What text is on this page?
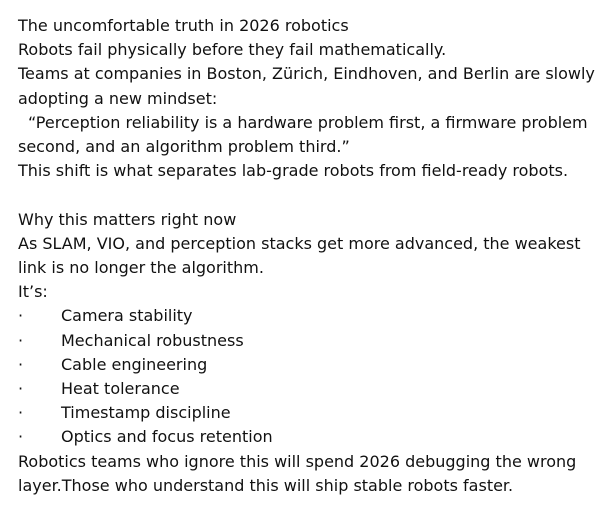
The uncomfortable truth in 2026 robotics

Robots fail physically before they fail mathematically.

Teams at companies in Boston, Zürich, Eindhoven, and Berlin are slowly adopting a new mindset:

“Perception reliability is a hardware problem first, a firmware problem second, and an algorithm problem third.”

This shift is what separates lab-grade robots from field-ready robots.

Why this matters right now

As SLAM, VIO, and perception stacks get more advanced, the weakest link is no longer the algorithm.

It’s:

·	Camera stability
·	Mechanical robustness
·	Cable engineering
·	Heat tolerance
·	Timestamp discipline
·	Optics and focus retention

Robotics teams who ignore this will spend 2026 debugging the wrong layer.Those who understand this will ship stable robots faster.
